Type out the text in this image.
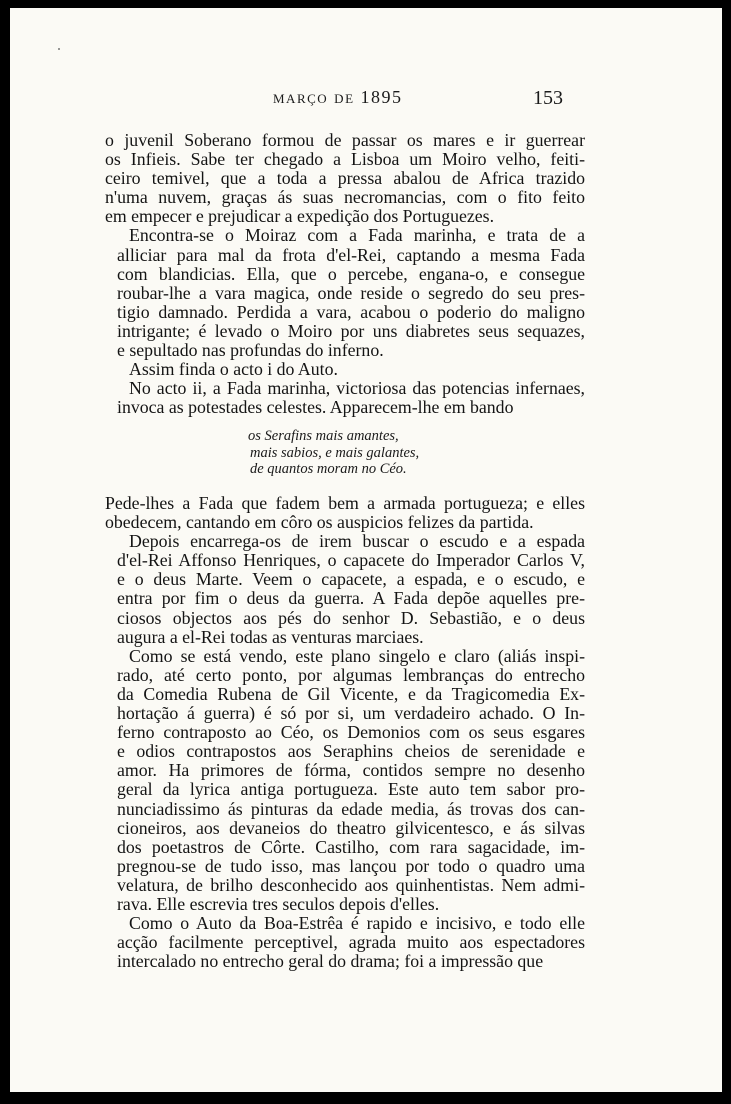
março de 1895	153

o juvenil Soberano formou de passar os mares e ir guerrear
os Infieis. Sabe ter chegado a Lisboa um Moiro velho, feiti-
ceiro temivel, que a toda a pressa abalou de Africa trazido
n'uma nuvem, graças ás suas necromancias, com o fito feito
em empecer e prejudicar a expedição dos Portuguezes.

Encontra-se o Moiraz com a Fada marinha, e trata de a
alliciar para mal da frota d'el-Rei, captando a mesma Fada
com blandicias. Ella, que o percebe, engana-o, e consegue
roubar-lhe a vara magica, onde reside o segredo do seu pres-
tigio damnado. Perdida a vara, acabou o poderio do maligno
intrigante; é levado o Moiro por uns diabretes seus sequazes,
e sepultado nas profundas do inferno.

Assim finda o acto i do Auto.

No acto ii, a Fada marinha, victoriosa das potencias infernaes,
invoca as potestades celestes. Apparecem-lhe em bando

os Serafins mais amantes,
mais sabios, e mais galantes,
de quantos moram no Céo.

Pede-lhes a Fada que fadem bem a armada portugueza; e elles
obedecem, cantando em côro os auspicios felizes da partida.

Depois encarrega-os de irem buscar o escudo e a espada
d'el-Rei Affonso Henriques, o capacete do Imperador Carlos V,
e o deus Marte. Veem o capacete, a espada, e o escudo, e
entra por fim o deus da guerra. A Fada depõe aquelles pre-
ciosos objectos aos pés do senhor D. Sebastião, e o deus
augura a el-Rei todas as venturas marciaes.

Como se está vendo, este plano singelo e claro (aliás inspi-
rado, até certo ponto, por algumas lembranças do entrecho
da Comedia Rubena de Gil Vicente, e da Tragicomedia Ex-
hortação á guerra) é só por si, um verdadeiro achado. O In-
ferno contraposto ao Céo, os Demonios com os seus esgares
e odios contrapostos aos Seraphins cheios de serenidade e
amor. Ha primores de fórma, contidos sempre no desenho
geral da lyrica antiga portugueza. Este auto tem sabor pro-
nunciadissimo ás pinturas da edade media, ás trovas dos can-
cioneiros, aos devaneios do theatro gilvicentesco, e ás silvas
dos poetastros de Côrte. Castilho, com rara sagacidade, im-
pregnou-se de tudo isso, mas lançou por todo o quadro uma
velatura, de brilho desconhecido aos quinhentistas. Nem admi-
rava. Elle escrevia tres seculos depois d'elles.

Como o Auto da Boa-Estrêa é rapido e incisivo, e todo elle
acção facilmente perceptivel, agrada muito aos espectadores
intercalado no entrecho geral do drama; foi a impressão que
